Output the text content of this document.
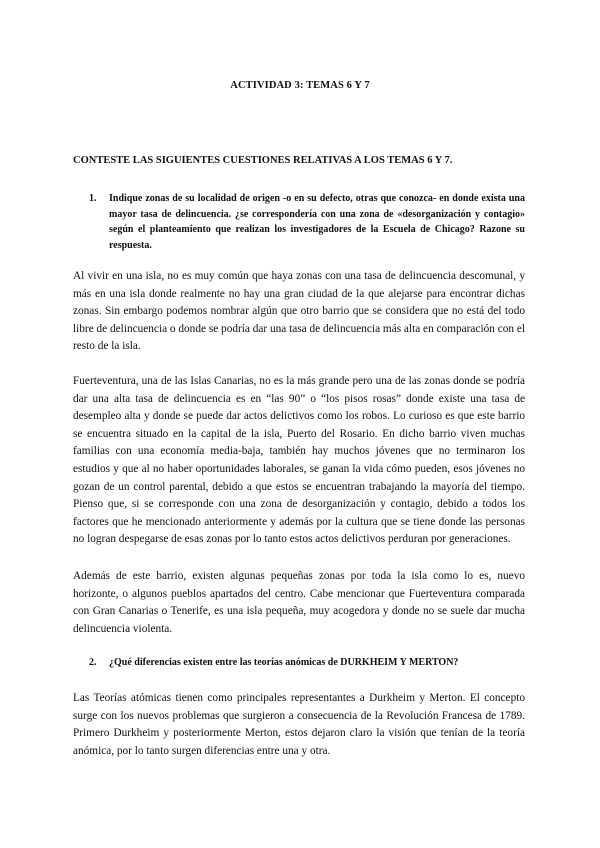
ACTIVIDAD 3: TEMAS 6 Y 7
CONTESTE LAS SIGUIENTES CUESTIONES RELATIVAS A LOS TEMAS 6 Y 7.
1. Indique zonas de su localidad de origen -o en su defecto, otras que conozca- en donde exista una mayor tasa de delincuencia. ¿se correspondería con una zona de «desorganización y contagio» según el planteamiento que realizan los investigadores de la Escuela de Chicago? Razone su respuesta.

Al vivir en una isla, no es muy común que haya zonas con una tasa de delincuencia descomunal, y más en una isla donde realmente no hay una gran ciudad de la que alejarse para encontrar dichas zonas. Sin embargo podemos nombrar algún que otro barrio que se considera que no está del todo libre de delincuencia o donde se podría dar una tasa de delincuencia más alta en comparación con el resto de la isla.

Fuerteventura, una de las Islas Canarias, no es la más grande pero una de las zonas donde se podría dar una alta tasa de delincuencia es en “las 90” o “los pisos rosas” donde existe una tasa de desempleo alta y donde se puede dar actos delictivos como los robos. Lo curioso es que este barrio se encuentra situado en la capital de la isla, Puerto del Rosario. En dicho barrio viven muchas familias con una economía media-baja, también hay muchos jóvenes que no terminaron los estudios y que al no haber oportunidades laborales, se ganan la vida cómo pueden, esos jóvenes no gozan de un control parental, debido a que estos se encuentran trabajando la mayoría del tiempo. Pienso que, si se corresponde con una zona de desorganización y contagio, debido a todos los factores que he mencionado anteriormente y además por la cultura que se tiene donde las personas no logran despegarse de esas zonas por lo tanto estos actos delictivos perduran por generaciones.

Además de este barrio, existen algunas pequeñas zonas por toda la isla como lo es, nuevo horizonte, o algunos pueblos apartados del centro. Cabe mencionar que Fuerteventura comparada con Gran Canarias o Tenerife, es una isla pequeña, muy acogedora y donde no se suele dar mucha delincuencia violenta.

2. ¿Qué diferencias existen entre las teorías anómicas de DURKHEIM Y MERTON?

Las Teorías atómicas tienen como principales representantes a Durkheim y Merton. El concepto surge con los nuevos problemas que surgieron a consecuencia de la Revolución Francesa de 1789. Primero Durkheim y posteriormente Merton, estos dejaron claro la visión que tenían de la teoría anómica, por lo tanto surgen diferencias entre una y otra.
